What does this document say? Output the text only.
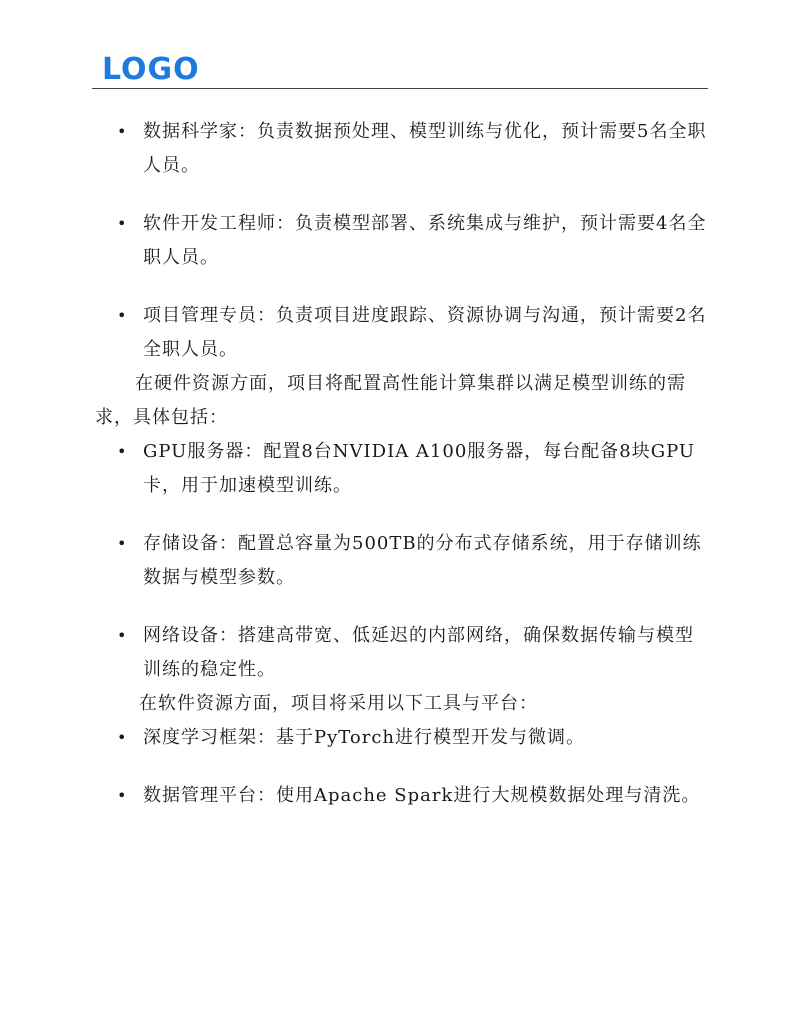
LOGO
• 数据科学家：负责数据预处理、模型训练与优化，预计需要5名全职人员。
• 软件开发工程师：负责模型部署、系统集成与维护，预计需要4名全职人员。
• 项目管理专员：负责项目进度跟踪、资源协调与沟通，预计需要2名全职人员。

在硬件资源方面，项目将配置高性能计算集群以满足模型训练的需求，具体包括：

• GPU服务器：配置8台NVIDIA A100服务器，每台配备8块GPU卡，用于加速模型训练。
• 存储设备：配置总容量为500TB的分布式存储系统，用于存储训练数据与模型参数。
• 网络设备：搭建高带宽、低延迟的内部网络，确保数据传输与模型训练的稳定性。

在软件资源方面，项目将采用以下工具与平台：

• 深度学习框架：基于PyTorch进行模型开发与微调。
• 数据管理平台：使用Apache Spark进行大规模数据处理与清洗。
